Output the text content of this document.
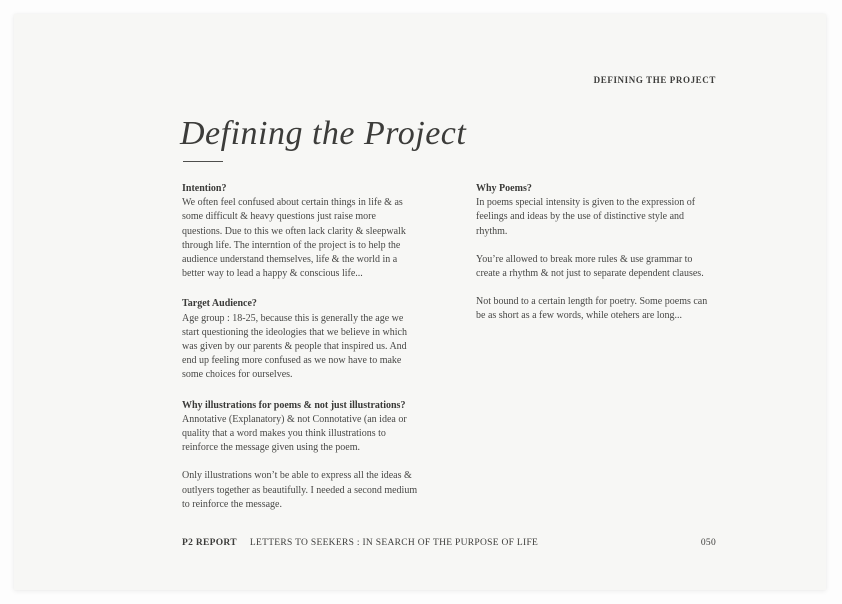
DEFINING THE PROJECT
Defining the Project
Intention?

We often feel confused about certain things in life & as some difficult & heavy questions just raise more questions. Due to this we often lack clarity & sleepwalk through life. The interntion of the project is to help the audience understand themselves, life & the world in a better way to lead a happy & conscious life...

Target Audience?

Age group : 18-25, because this is generally the age we start questioning the ideologies that we believe in which was given by our parents & people that inspired us. And end up feeling more confused as we now have to make some choices for ourselves.

Why illustrations for poems & not just illustrations?

Annotative (Explanatory) & not Connotative (an idea or quality that a word makes you think illustrations to reinforce the message given using the poem.

Only illustrations won’t be able to express all the ideas & outlyers together as beautifully. I needed a second medium to reinforce the message.

Why Poems?

In poems special intensity is given to the expression of feelings and ideas by the use of distinctive style and rhythm.

You’re allowed to break more rules & use grammar to create a rhythm & not just to separate dependent clauses.

Not bound to a certain length for poetry. Some poems can be as short as a few words, while otehers are long...

P2 REPORT LETTERS TO SEEKERS : IN SEARCH OF THE PURPOSE OF LIFE	050
